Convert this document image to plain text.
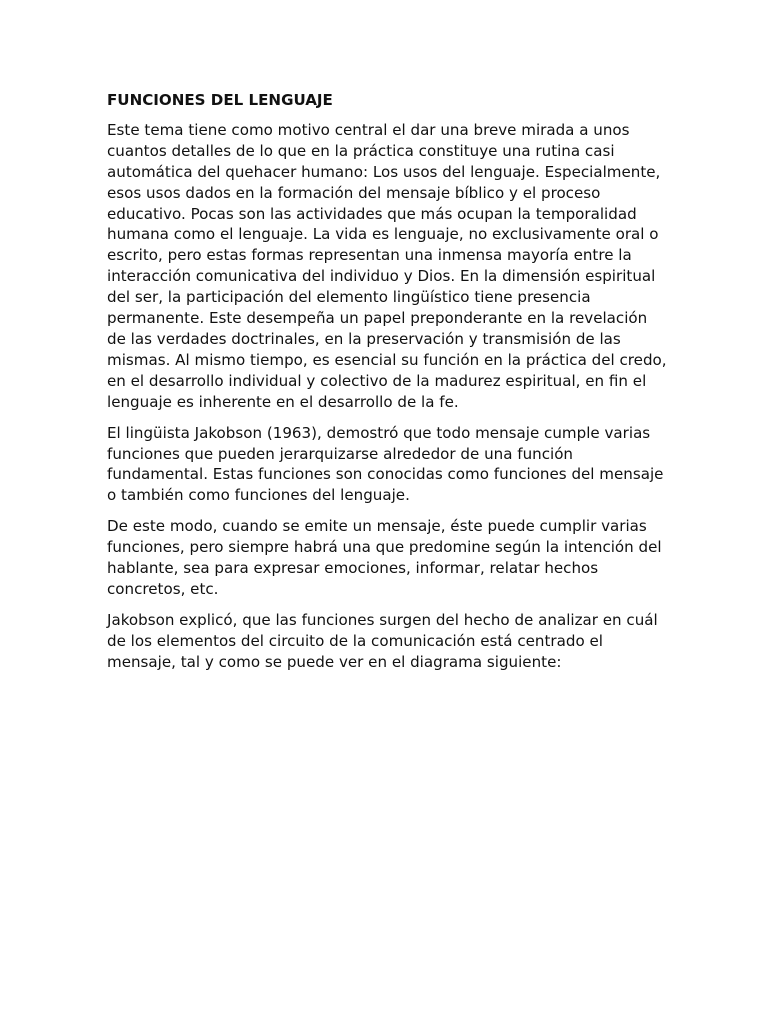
FUNCIONES DEL LENGUAJE

Este tema tiene como motivo central el dar una breve mirada a unos cuantos detalles de lo que en la práctica constituye una rutina casi automática del quehacer humano: Los usos del lenguaje. Especialmente, esos usos dados en la formación del mensaje bíblico y el proceso educativo. Pocas son las actividades que más ocupan la temporalidad humana como el lenguaje. La vida es lenguaje, no exclusivamente oral o escrito, pero estas formas representan una inmensa mayoría entre la interacción comunicativa del individuo y Dios. En la dimensión espiritual del ser, la participación del elemento lingüístico tiene presencia permanente. Este desempeña un papel preponderante en la revelación de las verdades doctrinales, en la preservación y transmisión de las mismas. Al mismo tiempo, es esencial su función en la práctica del credo, en el desarrollo individual y colectivo de la madurez espiritual, en fin el lenguaje es inherente en el desarrollo de la fe.

El lingüista Jakobson (1963), demostró que todo mensaje cumple varias funciones que pueden jerarquizarse alrededor de una función fundamental. Estas funciones son conocidas como funciones del mensaje o también como funciones del lenguaje.

De este modo, cuando se emite un mensaje, éste puede cumplir varias funciones, pero siempre habrá una que predomine según la intención del hablante, sea para expresar emociones, informar, relatar hechos concretos, etc.

Jakobson explicó, que las funciones surgen del hecho de analizar en cuál de los elementos del circuito de la comunicación está centrado el mensaje, tal y como se puede ver en el diagrama siguiente:
